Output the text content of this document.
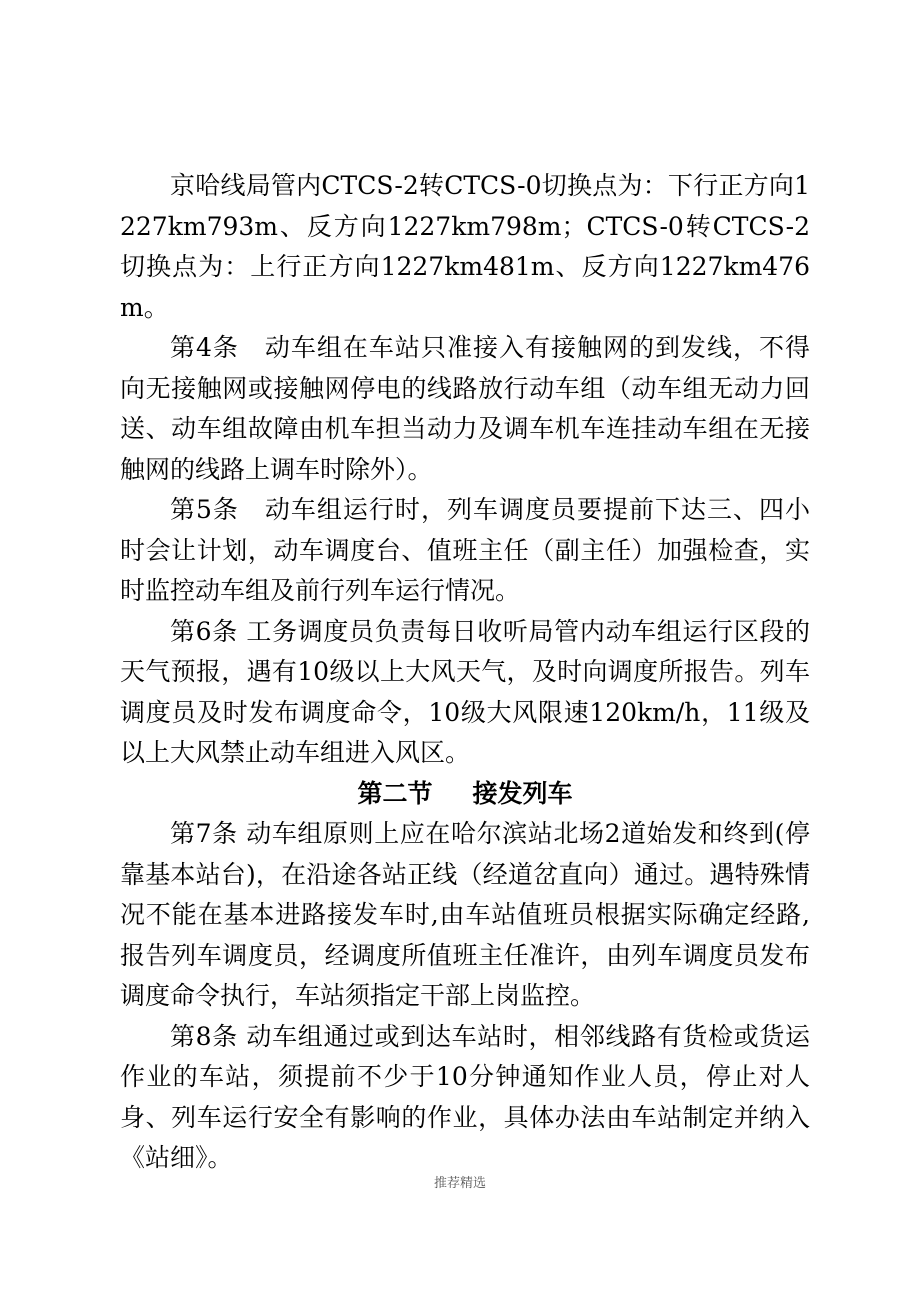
京哈线局管内CTCS-2转CTCS-0切换点为：下行正方向1227km793m、反方向1227km798m；CTCS-0转CTCS-2切换点为：上行正方向1227km481m、反方向1227km476m。

第4条　动车组在车站只准接入有接触网的到发线，不得向无接触网或接触网停电的线路放行动车组（动车组无动力回送、动车组故障由机车担当动力及调车机车连挂动车组在无接触网的线路上调车时除外）。

第5条　动车组运行时，列车调度员要提前下达三、四小时会让计划，动车调度台、值班主任（副主任）加强检查，实时监控动车组及前行列车运行情况。

第6条 工务调度员负责每日收听局管内动车组运行区段的天气预报，遇有10级以上大风天气，及时向调度所报告。列车调度员及时发布调度命令，10级大风限速120km/h，11级及以上大风禁止动车组进入风区。

第二节 接发列车

第7条 动车组原则上应在哈尔滨站北场2道始发和终到(停靠基本站台)，在沿途各站正线（经道岔直向）通过。遇特殊情况不能在基本进路接发车时,由车站值班员根据实际确定经路,报告列车调度员，经调度所值班主任准许，由列车调度员发布调度命令执行，车站须指定干部上岗监控。

第8条 动车组通过或到达车站时，相邻线路有货检或货运作业的车站，须提前不少于10分钟通知作业人员，停止对人身、列车运行安全有影响的作业，具体办法由车站制定并纳入《站细》。

推荐精选
